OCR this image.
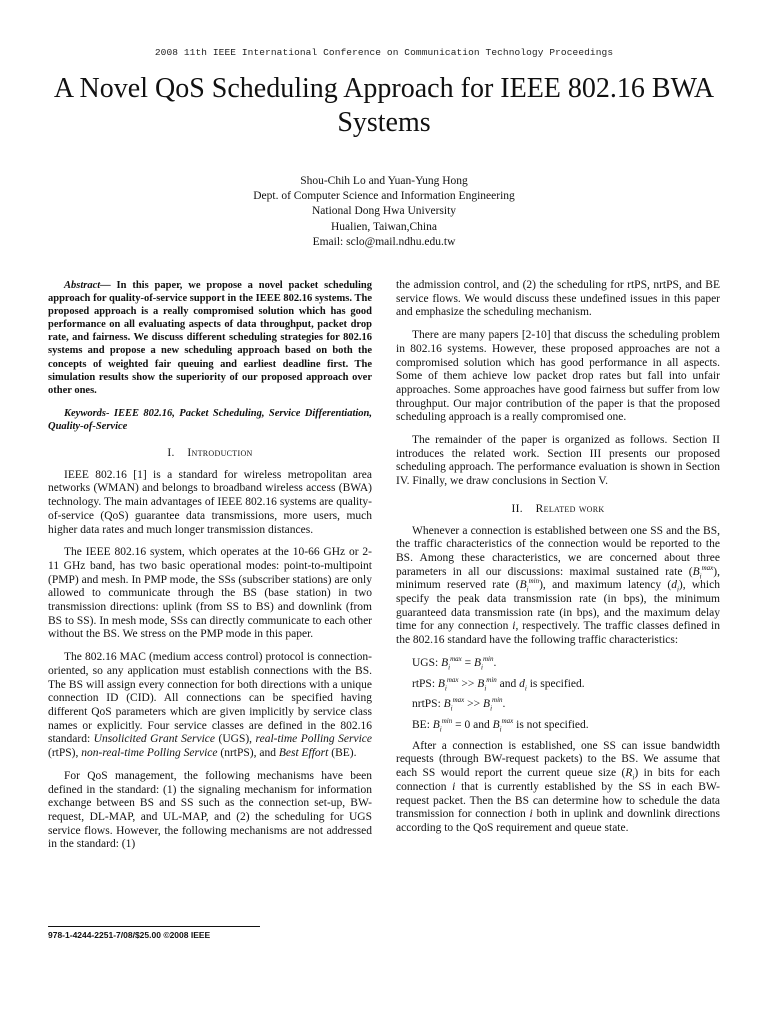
2008 11th IEEE International Conference on Communication Technology Proceedings
A Novel QoS Scheduling Approach for IEEE 802.16 BWA Systems
Shou-Chih Lo and Yuan-Yung Hong
Dept. of Computer Science and Information Engineering
National Dong Hwa University
Hualien, Taiwan,China
Email: sclo@mail.ndhu.edu.tw

Abstract— In this paper, we propose a novel packet scheduling approach for quality-of-service support in the IEEE 802.16 systems. The proposed approach is a really compromised solution which has good performance on all evaluating aspects of data throughput, packet drop rate, and fairness. We discuss different scheduling strategies for 802.16 systems and propose a new scheduling approach based on both the concepts of weighted fair queuing and earliest deadline first. The simulation results show the superiority of our proposed approach over other ones.

Keywords- IEEE 802.16, Packet Scheduling, Service Differentiation, Quality-of-Service

I. Introduction

IEEE 802.16 [1] is a standard for wireless metropolitan area networks (WMAN) and belongs to broadband wireless access (BWA) technology. The main advantages of IEEE 802.16 systems are quality-of-service (QoS) guarantee data transmissions, more users, much higher data rates and much longer transmission distances.

The IEEE 802.16 system, which operates at the 10-66 GHz or 2-11 GHz band, has two basic operational modes: point-to-multipoint (PMP) and mesh. In PMP mode, the SSs (subscriber stations) are only allowed to communicate through the BS (base station) in two transmission directions: uplink (from SS to BS) and downlink (from BS to SS). In mesh mode, SSs can directly communicate to each other without the BS. We stress on the PMP mode in this paper.

The 802.16 MAC (medium access control) protocol is connection-oriented, so any application must establish connections with the BS. The BS will assign every connection for both directions with a unique connection ID (CID). All connections can be specified having different QoS parameters which are given implicitly by service class names or explicitly. Four service classes are defined in the 802.16 standard: Unsolicited Grant Service (UGS), real-time Polling Service (rtPS), non-real-time Polling Service (nrtPS), and Best Effort (BE).

For QoS management, the following mechanisms have been defined in the standard: (1) the signaling mechanism for information exchange between BS and SS such as the connection set-up, BW-request, DL-MAP, and UL-MAP, and (2) the scheduling for UGS service flows. However, the following mechanisms are not addressed in the standard: (1)

the admission control, and (2) the scheduling for rtPS, nrtPS, and BE service flows. We would discuss these undefined issues in this paper and emphasize the scheduling mechanism.

There are many papers [2-10] that discuss the scheduling problem in 802.16 systems. However, these proposed approaches are not a compromised solution which has good performance in all aspects. Some of them achieve low packet drop rates but fall into unfair approaches. Some approaches have good fairness but suffer from low throughput. Our major contribution of the paper is that the proposed scheduling approach is a really compromised one.

The remainder of the paper is organized as follows. Section II introduces the related work. Section III presents our proposed scheduling approach. The performance evaluation is shown in Section IV. Finally, we draw conclusions in Section V.

II. Related work

Whenever a connection is established between one SS and the BS, the traffic characteristics of the connection would be reported to the BS. Among these characteristics, we are concerned about three parameters in all our discussions: maximal sustained rate $(B_i^{max})$, minimum reserved rate $(B_i^{min})$, and maximum latency $(d_i)$, which specify the peak data transmission rate (in bps), the minimum guaranteed data transmission rate (in bps), and the maximum delay time for any connection i, respectively. The traffic classes defined in the 802.16 standard have the following traffic characteristics:

UGS: $B_i^{max} = B_i^{min}$.
rtPS: $B_i^{max} >> B_i^{min}$ and $d_i$ is specified.
nrtPS: $B_i^{max} >> B_i^{min}$.
BE: $B_i^{min} = 0$ and $B_i^{max}$ is not specified.

After a connection is established, one SS can issue bandwidth requests (through BW-request packets) to the BS. We assume that each SS would report the current queue size $(R_i)$ in bits for each connection i that is currently established by the SS in each BW-request packet. Then the BS can determine how to schedule the data transmission for connection i both in uplink and downlink directions according to the QoS requirement and queue state.

978-1-4244-2251-7/08/$25.00 ©2008 IEEE
